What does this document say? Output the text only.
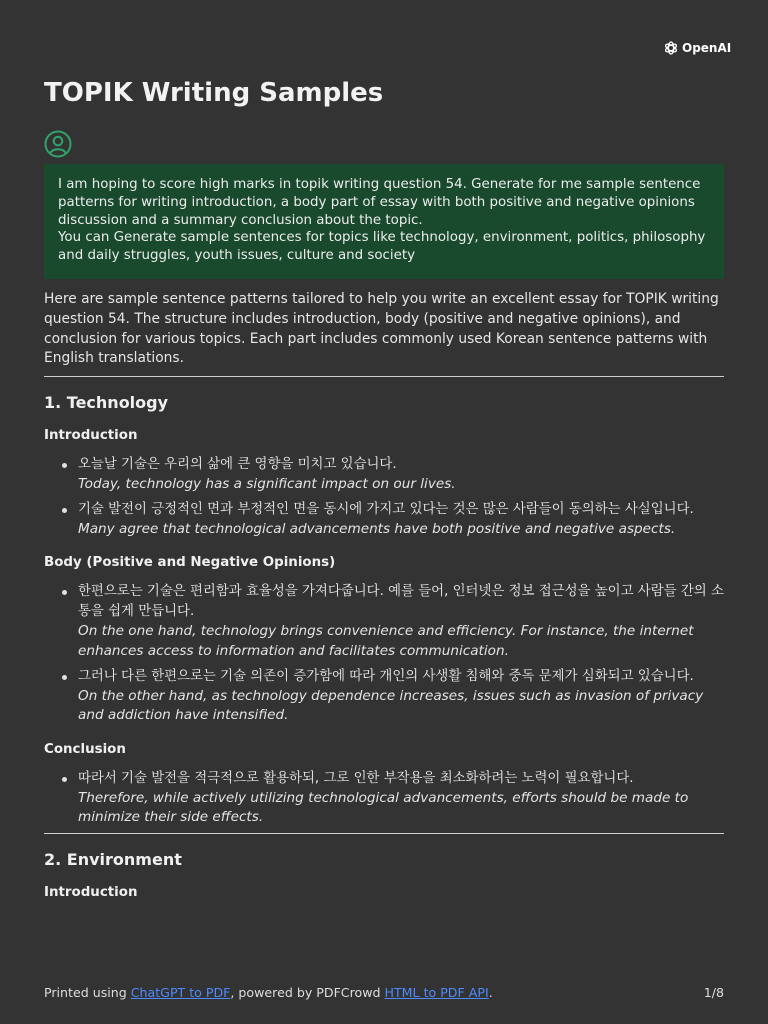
OpenAI
TOPIK Writing Samples

I am hoping to score high marks in topik writing question 54. Generate for me sample sentence patterns for writing introduction, a body part of essay with both positive and negative opinions discussion and a summary conclusion about the topic.

You can Generate sample sentences for topics like technology, environment, politics, philosophy and daily struggles, youth issues, culture and society

Here are sample sentence patterns tailored to help you write an excellent essay for TOPIK writing question 54. The structure includes introduction, body (positive and negative opinions), and conclusion for various topics. Each part includes commonly used Korean sentence patterns with English translations.

1. Technology
Introduction
오늘날 기술은 우리의 삶에 큰 영향을 미치고 있습니다.
Today, technology has a significant impact on our lives.
기술 발전이 긍정적인 면과 부정적인 면을 동시에 가지고 있다는 것은 많은 사람들이 동의하는 사실입니다.
Many agree that technological advancements have both positive and negative aspects.
Body (Positive and Negative Opinions)
한편으로는 기술은 편리함과 효율성을 가져다줍니다. 예를 들어, 인터넷은 정보 접근성을 높이고 사람들 간의 소통을 쉽게 만듭니다.
On the one hand, technology brings convenience and efficiency. For instance, the internet enhances access to information and facilitates communication.
그러나 다른 한편으로는 기술 의존이 증가함에 따라 개인의 사생활 침해와 중독 문제가 심화되고 있습니다.
On the other hand, as technology dependence increases, issues such as invasion of privacy and addiction have intensified.
Conclusion
따라서 기술 발전을 적극적으로 활용하되, 그로 인한 부작용을 최소화하려는 노력이 필요합니다.
Therefore, while actively utilizing technological advancements, efforts should be made to minimize their side effects.
2. Environment
Introduction
Printed using ChatGPT to PDF, powered by PDFCrowd HTML to PDF API.	1/8
